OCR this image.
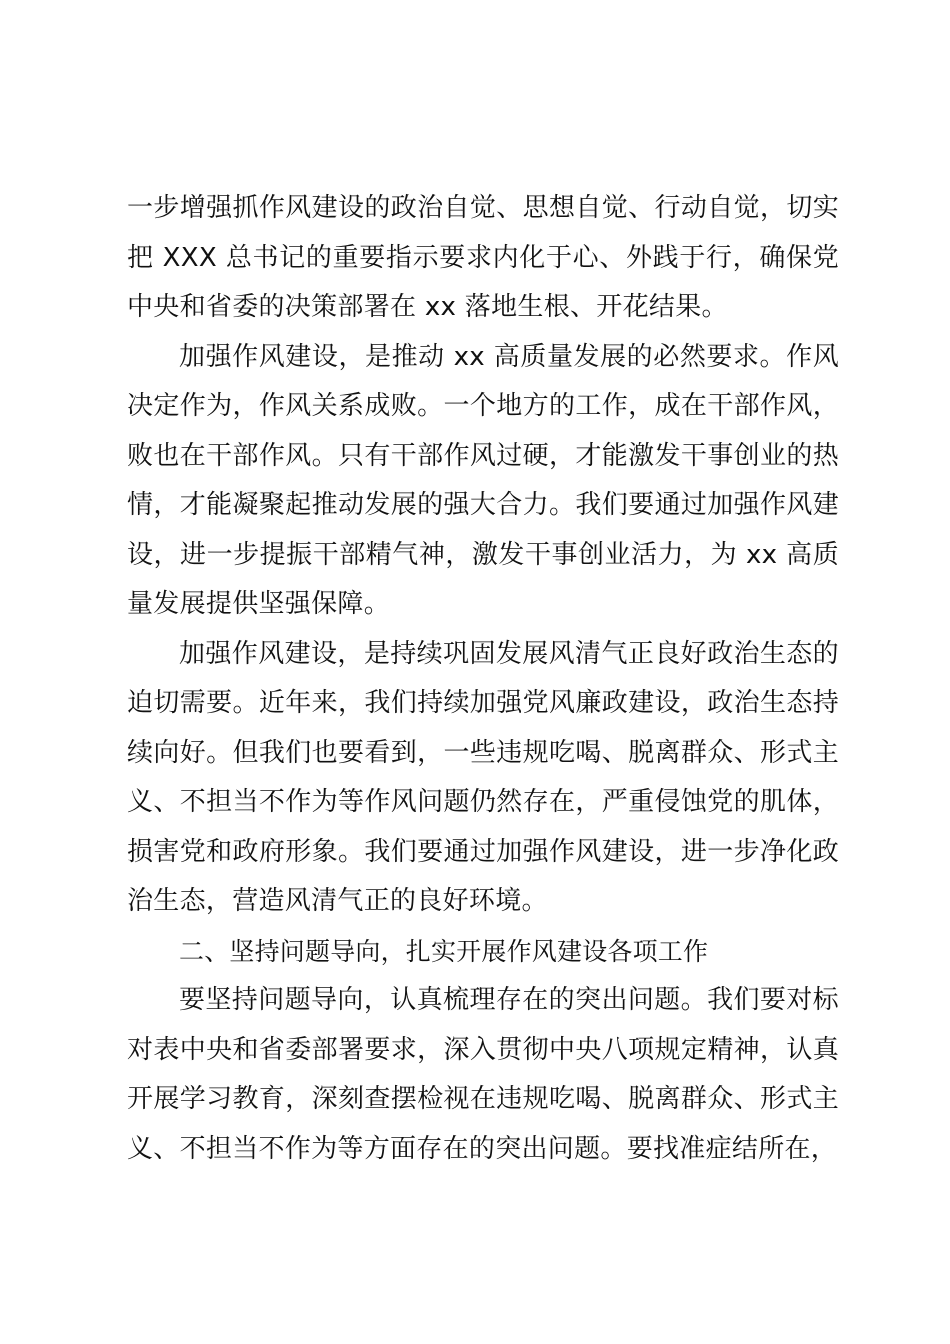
一步增强抓作风建设的政治自觉、思想自觉、行动自觉，切实把 XXX 总书记的重要指示要求内化于心、外践于行，确保党中央和省委的决策部署在 xx 落地生根、开花结果。

加强作风建设，是推动 xx 高质量发展的必然要求。作风决定作为，作风关系成败。一个地方的工作，成在干部作风，败也在干部作风。只有干部作风过硬，才能激发干事创业的热情，才能凝聚起推动发展的强大合力。我们要通过加强作风建设，进一步提振干部精气神，激发干事创业活力，为 xx 高质量发展提供坚强保障。

加强作风建设，是持续巩固发展风清气正良好政治生态的迫切需要。近年来，我们持续加强党风廉政建设，政治生态持续向好。但我们也要看到，一些违规吃喝、脱离群众、形式主义、不担当不作为等作风问题仍然存在，严重侵蚀党的肌体，损害党和政府形象。我们要通过加强作风建设，进一步净化政治生态，营造风清气正的良好环境。

二、坚持问题导向，扎实开展作风建设各项工作

要坚持问题导向，认真梳理存在的突出问题。我们要对标对表中央和省委部署要求，深入贯彻中央八项规定精神，认真开展学习教育，深刻查摆检视在违规吃喝、脱离群众、形式主义、不担当不作为等方面存在的突出问题。要找准症结所在，
